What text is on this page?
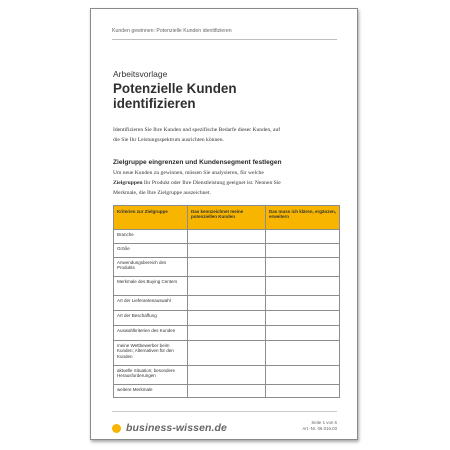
Kunden gewinnen: Potenzielle Kunden identifizieren
Arbeitsvorlage
Potenzielle Kunden
identifizieren
Identifizieren Sie Ihre Kunden und spezifische Bedarfe dieser Kunden, auf
die Sie Ihr Leistungsspektrum ausrichten können.
Zielgruppe eingrenzen und Kundensegment festlegen
Um neue Kunden zu gewinnen, müssen Sie analysieren, für welche
Zielgruppen Ihr Produkt oder Ihre Dienstleistung geeignet ist. Nennen Sie
Merkmale, die Ihre Zielgruppe auszeichnet.
Kriterien zur Zielgruppe	Das kennzeichnet meine potenziellen Kunden	Das muss ich klären, ergänzen, erweitern
Branche		
Größe		
Anwendungsbereich des Produkts		
Merkmale des Buying Centers		
Art der Lieferantenauswahl		
Art der Beschaffung		
Auswahlkriterien des Kunden		
meine Wettbewerber beim Kunden; Alternativen für den Kunden		
aktuelle Situation; besondere Herausforderungen		
weitere Merkmale		
business-wissen.de	Seite 1 von 6
Art.-Nr. 06.016.03
